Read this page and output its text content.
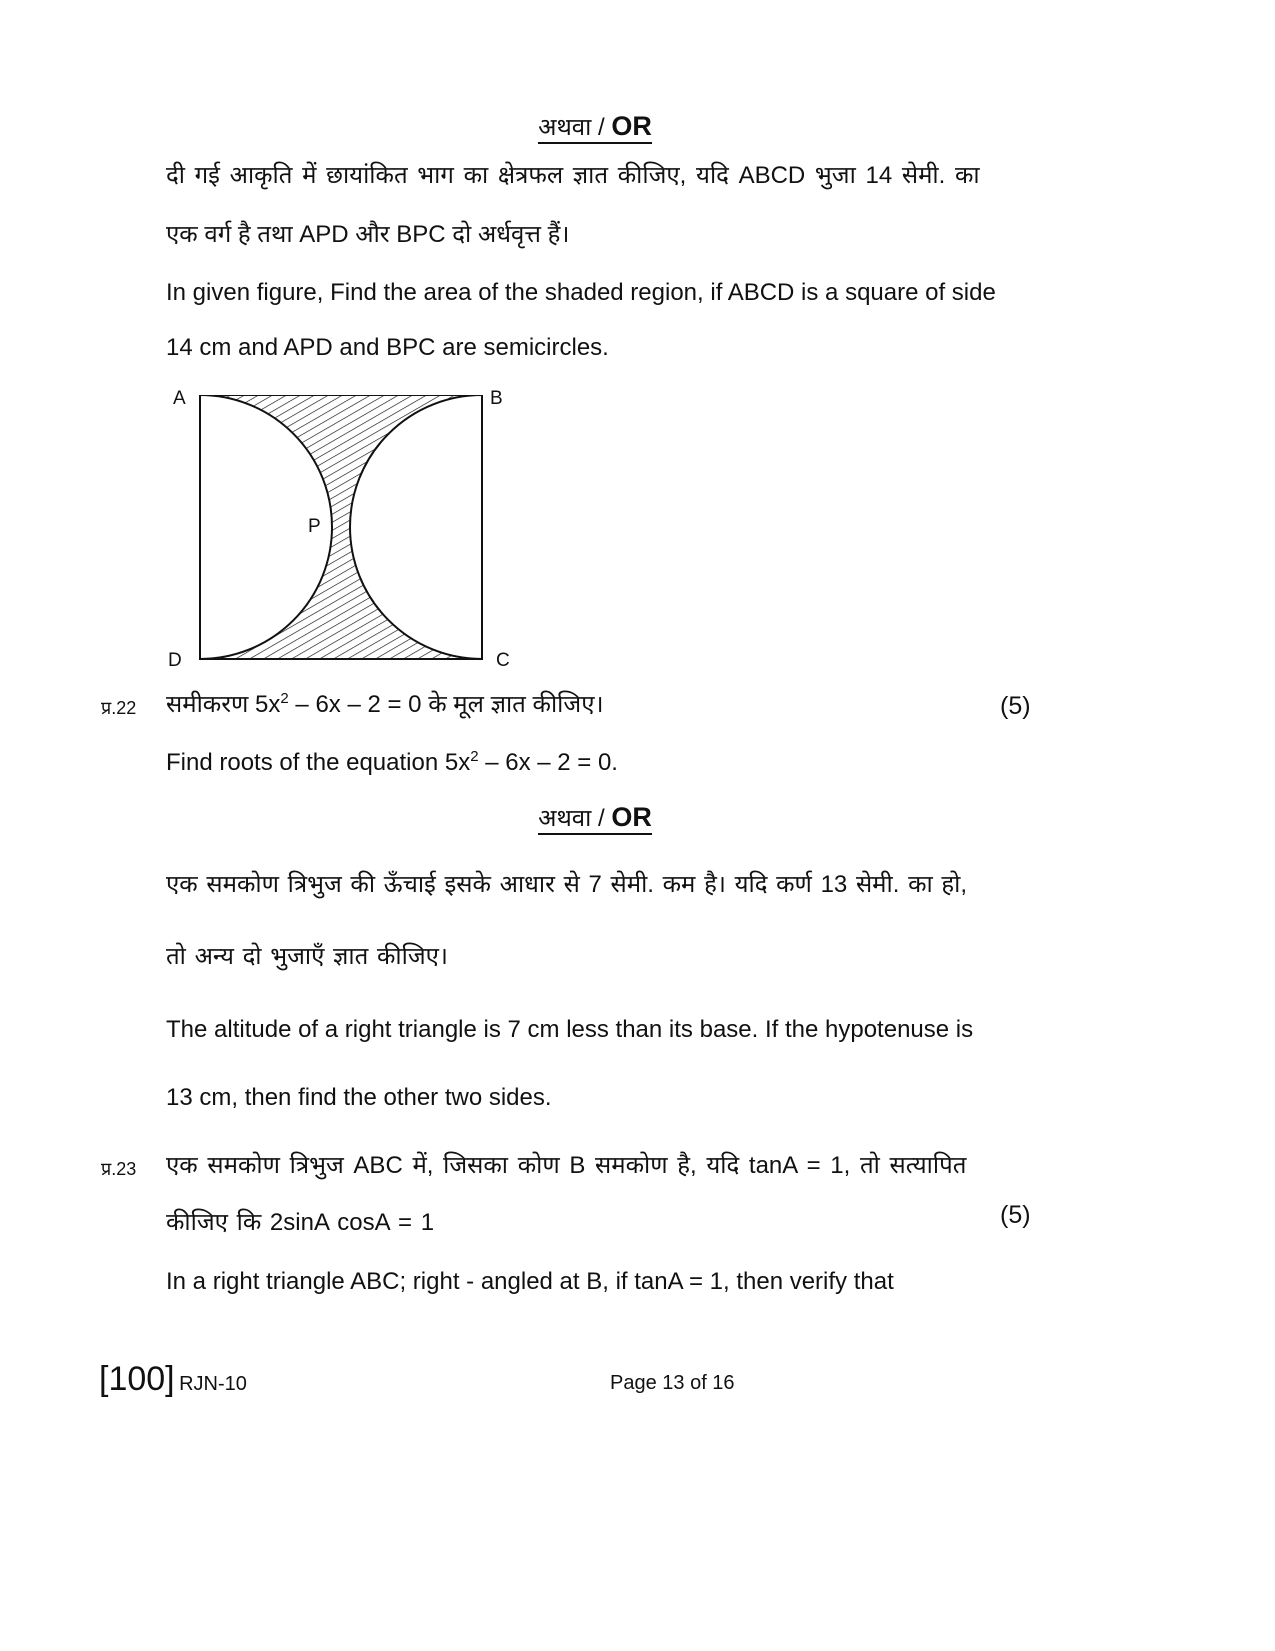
अथवा / OR
दी गई आकृति में छायांकित भाग का क्षेत्रफल ज्ञात कीजिए, यदि ABCD भुजा 14 सेमी. का
एक वर्ग है तथा APD और BPC दो अर्धवृत्त हैं।
In given figure, Find the area of the shaded region, if ABCD is a square of side
14 cm and APD and BPC are semicircles.
A	B
P
D	C
प्र.22 समीकरण $5x^2 - 6x - 2 = 0$ के मूल ज्ञात कीजिए।	(5)
Find roots of the equation $5x^2 - 6x - 2 = 0$.
अथवा / OR
एक समकोण त्रिभुज की ऊँचाई इसके आधार से 7 सेमी. कम है। यदि कर्ण 13 सेमी. का हो,
तो अन्य दो भुजाएँ ज्ञात कीजिए।
The altitude of a right triangle is 7 cm less than its base. If the hypotenuse is
13 cm, then find the other two sides.
प्र.23 एक समकोण त्रिभुज ABC में, जिसका कोण B समकोण है, यदि tanA = 1, तो सत्यापित
कीजिए कि 2sinA cosA = 1	(5)
In a right triangle ABC; right - angled at B, if tanA = 1, then verify that
[100] RJN-10	Page 13 of 16
